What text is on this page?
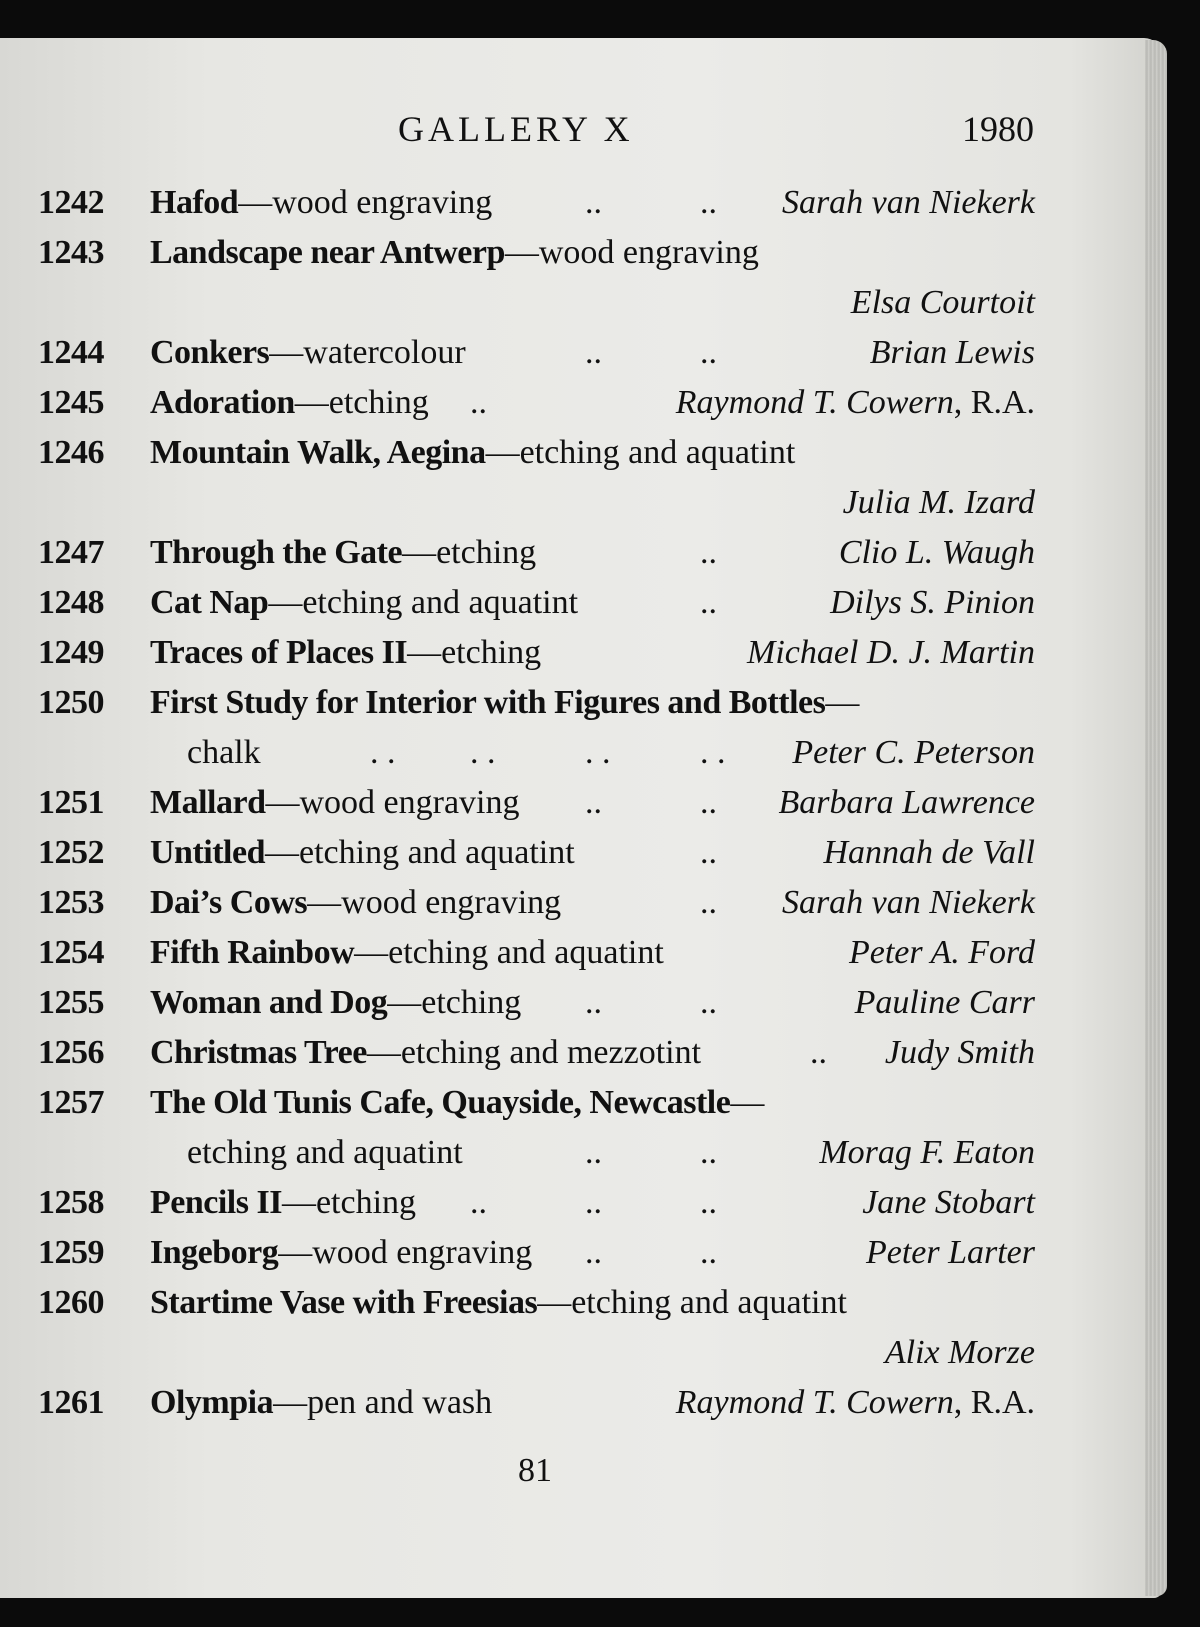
GALLERY X	1980
1242 Hafod—wood engraving	..	.. Sarah van Niekerk
1243 Landscape near Antwerp—wood engraving
Elsa Courtoit
1244 Conkers—watercolour	..	..	Brian Lewis
1245 Adoration—etching ..	Raymond T. Cowern, R.A.
1246 Mountain Walk, Aegina—etching and aquatint
Julia M. Izard
1247 Through the Gate—etching	..	Clio L. Waugh
1248 Cat Nap—etching and aquatint	..	Dilys S. Pinion
1249 Traces of Places II—etching	Michael D. J. Martin
1250 First Study for Interior with Figures and Bottles—
chalk	. . . .	. .	. . Peter C. Peterson
1251 Mallard—wood engraving ..	.. Barbara Lawrence
1252 Untitled—etching and aquatint	..	Hannah de Vall
1253 Dai’s Cows—wood engraving	.. Sarah van Niekerk
1254 Fifth Rainbow—etching and aquatint	Peter A. Ford
1255 Woman and Dog—etching ..	..	Pauline Carr
1256 Christmas Tree—etching and mezzotint	.. Judy Smith
1257 The Old Tunis Cafe, Quayside, Newcastle—
etching and aquatint	..	..	Morag F. Eaton
1258 Pencils II—etching ..	..	..	Jane Stobart
1259 Ingeborg—wood engraving ..	..	Peter Larter
1260 Startime Vase with Freesias—etching and aquatint
Alix Morze
1261 Olympia—pen and wash	Raymond T. Cowern, R.A.
81
